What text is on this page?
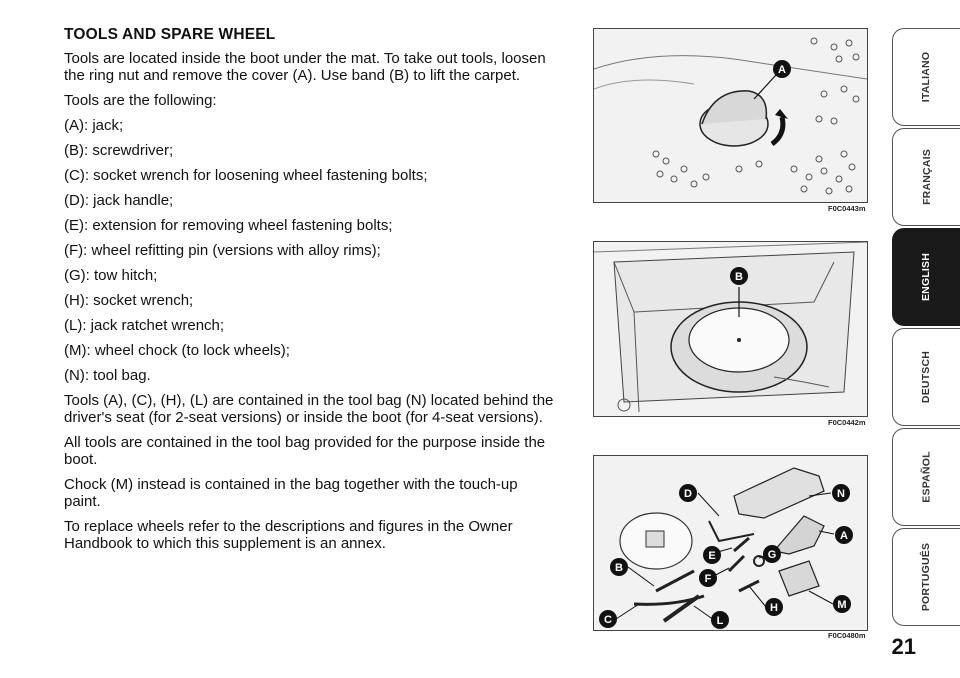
TOOLS AND SPARE WHEEL

Tools are located inside the boot under the mat. To take out tools, loosen the ring nut and remove the cover (A). Use band (B) to lift the carpet.

Tools are the following:

(A): jack;

(B): screwdriver;

(C): socket wrench for loosening wheel fastening bolts;

(D): jack handle;

(E): extension for removing wheel fastening bolts;

(F): wheel refitting pin (versions with alloy rims);

(G): tow hitch;

(H): socket wrench;

(L): jack ratchet wrench;

(M): wheel chock (to lock wheels);

(N): tool bag.

Tools (A), (C), (H), (L) are contained in the tool bag (N) located behind the driver's seat (for 2-seat versions) or inside the boot (for 4-seat versions).

All tools are contained in the tool bag provided for the purpose inside the boot.

Chock (M) instead is contained in the bag together with the touch-up paint.

To replace wheels refer to the descriptions and figures in the Owner Handbook to which this supplement is an annex.

A
F0C0443m
B
F0C0442m
D	N
A
E	G
B
F
M
H
C	L
F0C0480m
ITALIANO
FRANÇAIS
ENGLISH
DEUTSCH
ESPAÑOL
PORTUGUÊS
21
